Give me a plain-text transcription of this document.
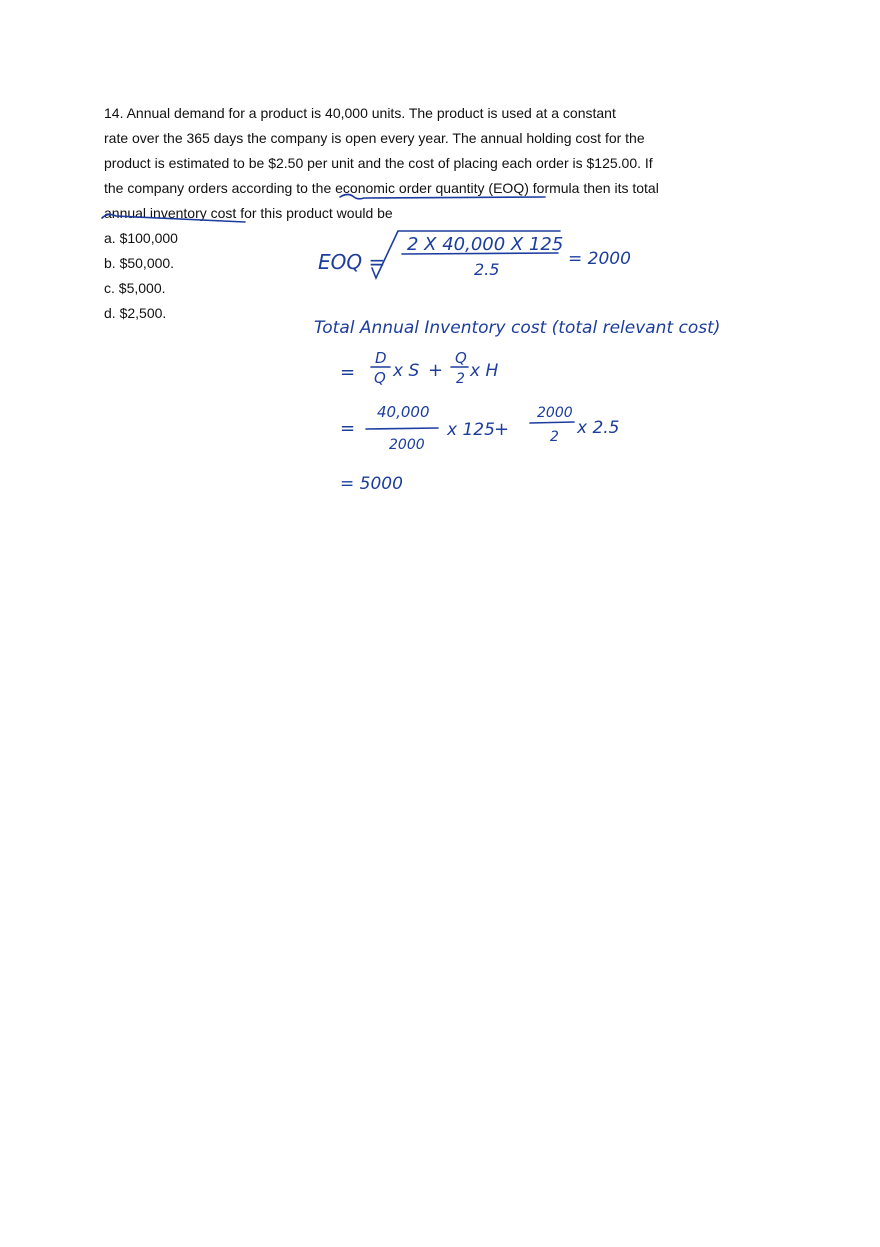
14. Annual demand for a product is 40,000 units. The product is used at a constant
rate over the 365 days the company is open every year. The annual holding cost for the
product is estimated to be $2.50 per unit and the cost of placing each order is $125.00. If
the company orders according to the economic order quantity (EOQ) formula then its total
annual inventory cost for this product would be
a. $100,000
b. $50,000.
c. $5,000.
d. $2,500.
EOQ =
2 X 40,000 X 125
2.5
= 2000
Total Annual Inventory cost (total relevant cost)
=
D
Q x S +
Q
2 x H
=
40,000
2000
x 125 +
2000
2 x 2.5
= 5000
